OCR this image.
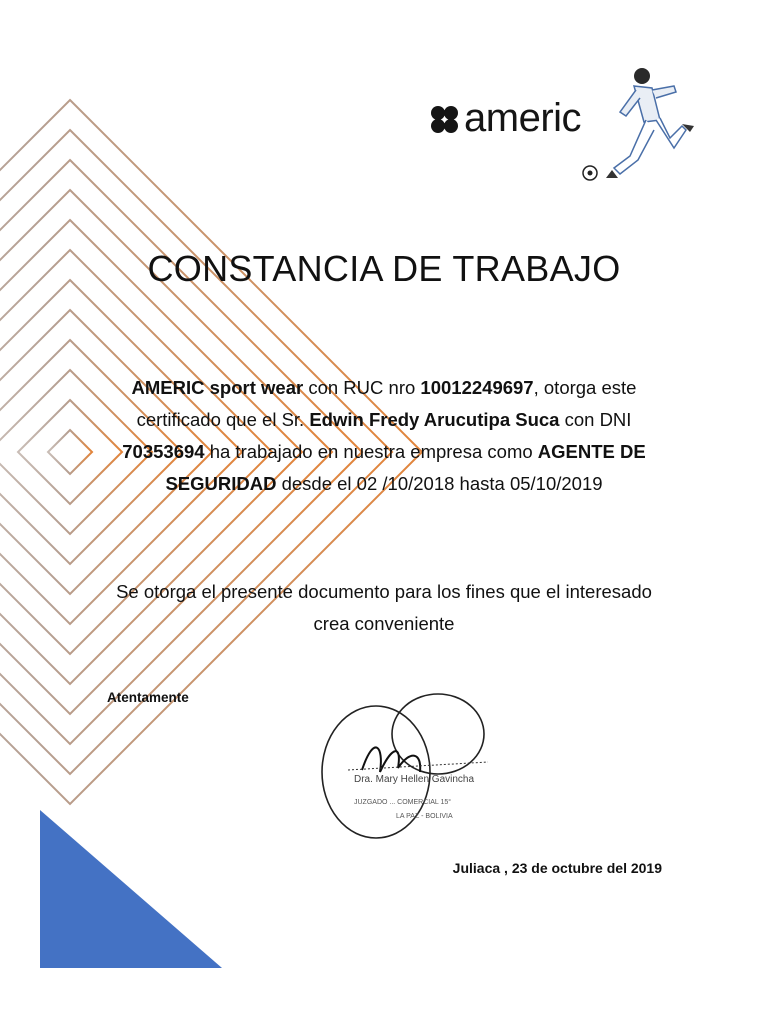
americ
CONSTANCIA DE TRABAJO
AMERIC sport wear con RUC nro 10012249697, otorga este certificado que el Sr. Edwin Fredy Arucutipa Suca con DNI 70353694 ha trabajado en nuestra empresa como AGENTE DE SEGURIDAD desde el 02 /10/2018 hasta 05/10/2019
Se otorga el presente documento para los fines que el interesado crea conveniente
Atentamente
Dra. Mary Hellen Gavincha
JUZGADO ... COMERCIAL 15°
LA PAZ - BOLIVIA
Juliaca , 23 de octubre del 2019
